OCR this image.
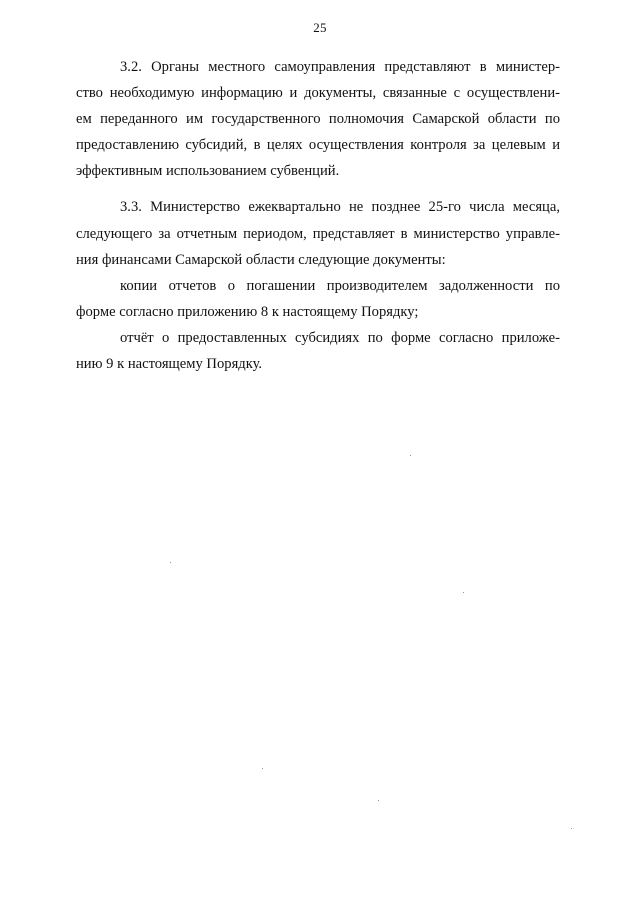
25
3.2. Органы местного самоуправления представляют в министер-
ство необходимую информацию и документы, связанные с осуществлени-
ем переданного им государственного полномочия Самарской области по
предоставлению субсидий, в целях осуществления контроля за целевым и
эффективным использованием субвенций.
3.3. Министерство ежеквартально не позднее 25-го числа месяца,
следующего за отчетным периодом, представляет в министерство управле-
ния финансами Самарской области следующие документы:
копии отчетов о погашении производителем задолженности по
форме согласно приложению 8 к настоящему Порядку;
отчёт о предоставленных субсидиях по форме согласно приложе-
нию 9 к настоящему Порядку.
